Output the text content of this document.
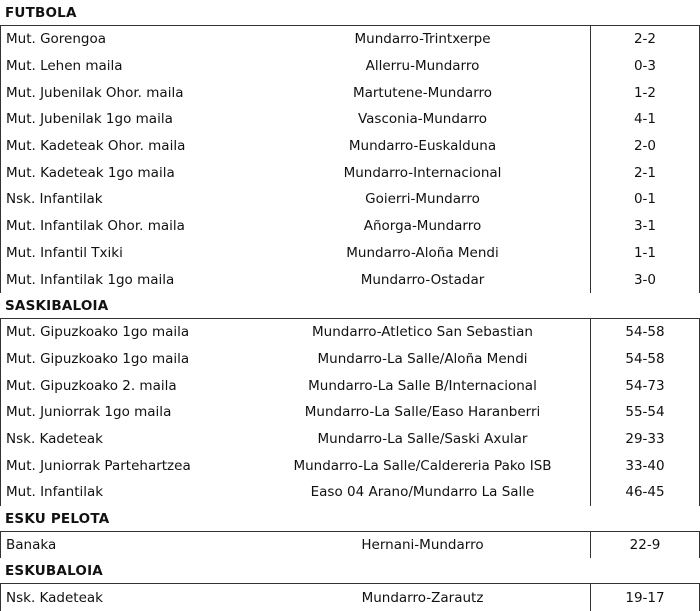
FUTBOLA
Mut. Gorengoa	Mundarro-Trintxerpe	2-2
Mut. Lehen maila	Allerru-Mundarro	0-3
Mut. Jubenilak Ohor. maila	Martutene-Mundarro	1-2
Mut. Jubenilak 1go maila	Vasconia-Mundarro	4-1
Mut. Kadeteak Ohor. maila	Mundarro-Euskalduna	2-0
Mut. Kadeteak 1go maila	Mundarro-Internacional	2-1
Nsk. Infantilak	Goierri-Mundarro	0-1
Mut. Infantilak Ohor. maila	Añorga-Mundarro	3-1
Mut. Infantil Txiki	Mundarro-Aloña Mendi	1-1
Mut. Infantilak 1go maila	Mundarro-Ostadar	3-0
SASKIBALOIA
Mut. Gipuzkoako 1go maila	Mundarro-Atletico San Sebastian	54-58
Mut. Gipuzkoako 1go maila	Mundarro-La Salle/Aloña Mendi	54-58
Mut. Gipuzkoako 2. maila	Mundarro-La Salle B/Internacional	54-73
Mut. Juniorrak 1go maila	Mundarro-La Salle/Easo Haranberri	55-54
Nsk. Kadeteak	Mundarro-La Salle/Saski Axular	29-33
Mut. Juniorrak Partehartzea	Mundarro-La Salle/Caldereria Pako ISB	33-40
Mut. Infantilak	Easo 04 Arano/Mundarro La Salle	46-45
ESKU PELOTA
Banaka	Hernani-Mundarro	22-9
ESKUBALOIA
Nsk. Kadeteak	Mundarro-Zarautz	19-17
